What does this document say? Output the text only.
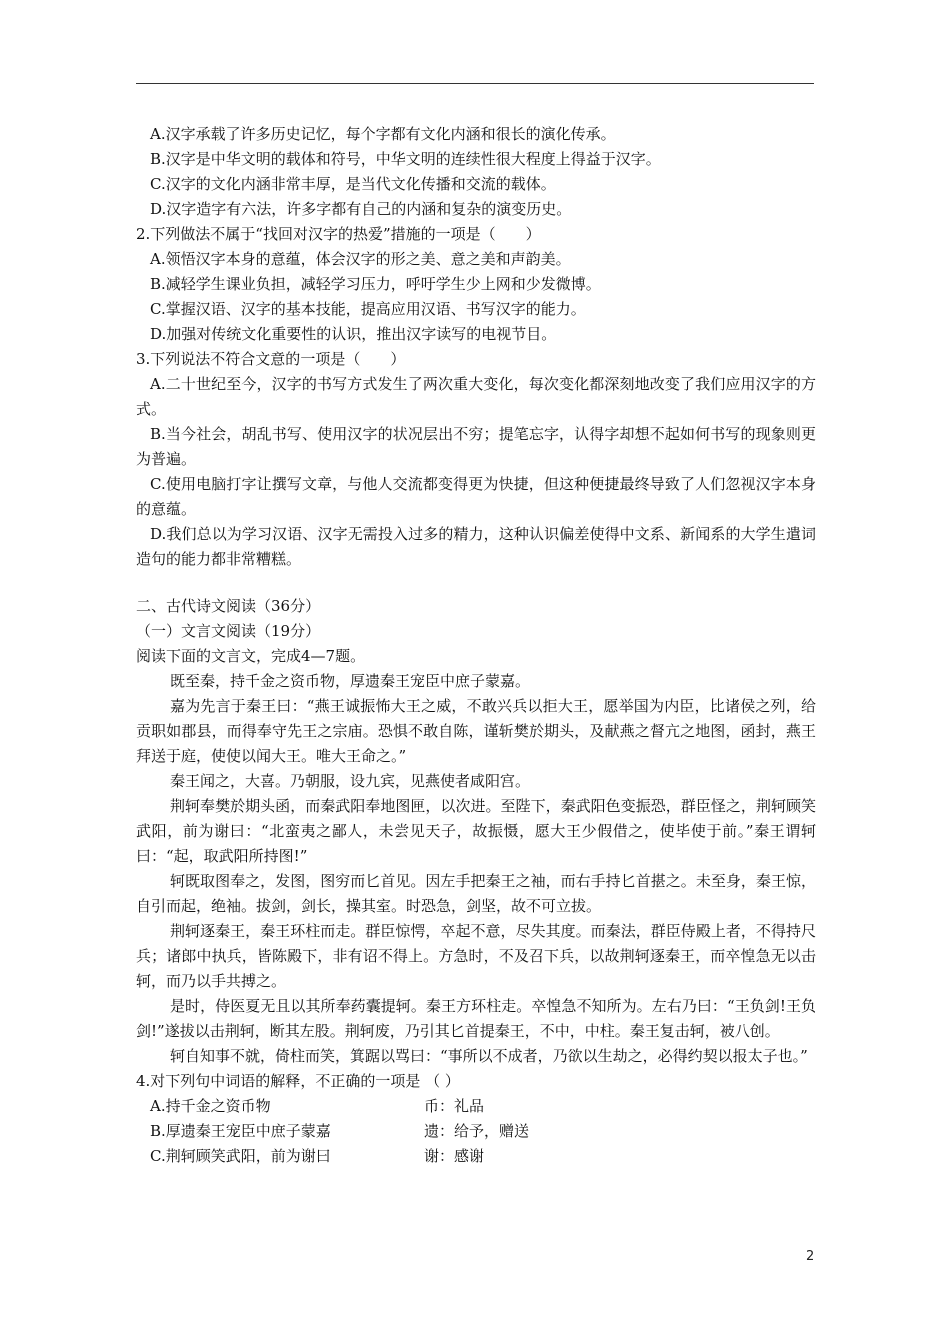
A.汉字承载了许多历史记忆，每个字都有文化内涵和很长的演化传承。
B.汉字是中华文明的载体和符号，中华文明的连续性很大程度上得益于汉字。
C.汉字的文化内涵非常丰厚，是当代文化传播和交流的载体。
D.汉字造字有六法，许多字都有自己的内涵和复杂的演变历史。
2.下列做法不属于“找回对汉字的热爱”措施的一项是（　　）
A.领悟汉字本身的意蕴，体会汉字的形之美、意之美和声韵美。
B.减轻学生课业负担，减轻学习压力，呼吁学生少上网和少发微博。
C.掌握汉语、汉字的基本技能，提高应用汉语、书写汉字的能力。
D.加强对传统文化重要性的认识，推出汉字读写的电视节目。
3.下列说法不符合文意的一项是（　　）
A.二十世纪至今，汉字的书写方式发生了两次重大变化，每次变化都深刻地改变了我们应用汉字的方式。
B.当今社会，胡乱书写、使用汉字的状况层出不穷；提笔忘字，认得字却想不起如何书写的现象则更为普遍。
C.使用电脑打字让撰写文章，与他人交流都变得更为快捷，但这种便捷最终导致了人们忽视汉字本身的意蕴。
D.我们总以为学习汉语、汉字无需投入过多的精力，这种认识偏差使得中文系、新闻系的大学生遣词造句的能力都非常糟糕。
二、古代诗文阅读（36分）
（一）文言文阅读（19分）
阅读下面的文言文，完成4—7题。
既至秦，持千金之资币物，厚遗秦王宠臣中庶子蒙嘉。
嘉为先言于秦王曰：“燕王诚振怖大王之威，不敢兴兵以拒大王，愿举国为内臣，比诸侯之列，给贡职如郡县，而得奉守先王之宗庙。恐惧不敢自陈，谨斩樊於期头，及献燕之督亢之地图，函封，燕王拜送于庭，使使以闻大王。唯大王命之。”
秦王闻之，大喜。乃朝服，设九宾，见燕使者咸阳宫。
荆轲奉樊於期头函，而秦武阳奉地图匣，以次进。至陛下，秦武阳色变振恐，群臣怪之，荆轲顾笑武阳，前为谢曰：“北蛮夷之鄙人，未尝见天子，故振慑，愿大王少假借之，使毕使于前。”秦王谓轲曰：“起，取武阳所持图!”
轲既取图奉之，发图，图穷而匕首见。因左手把秦王之袖，而右手持匕首揕之。未至身，秦王惊，自引而起，绝袖。拔剑，剑长，操其室。时恐急，剑坚，故不可立拔。
荆轲逐秦王，秦王环柱而走。群臣惊愕，卒起不意，尽失其度。而秦法，群臣侍殿上者，不得持尺兵；诸郎中执兵，皆陈殿下，非有诏不得上。方急时，不及召下兵，以故荆轲逐秦王，而卒惶急无以击轲，而乃以手共搏之。
是时，侍医夏无且以其所奉药囊提轲。秦王方环柱走。卒惶急不知所为。左右乃曰：“王负剑!王负剑!”遂拔以击荆轲，断其左股。荆轲废，乃引其匕首提秦王，不中，中柱。秦王复击轲，被八创。
轲自知事不就，倚柱而笑，箕踞以骂曰：“事所以不成者，乃欲以生劫之，必得约契以报太子也。”
4.对下列句中词语的解释，不正确的一项是 （ ）
A.持千金之资币物	币：礼品
B.厚遗秦王宠臣中庶子蒙嘉	遗：给予，赠送
C.荆轲顾笑武阳，前为谢曰	谢：感谢
2
